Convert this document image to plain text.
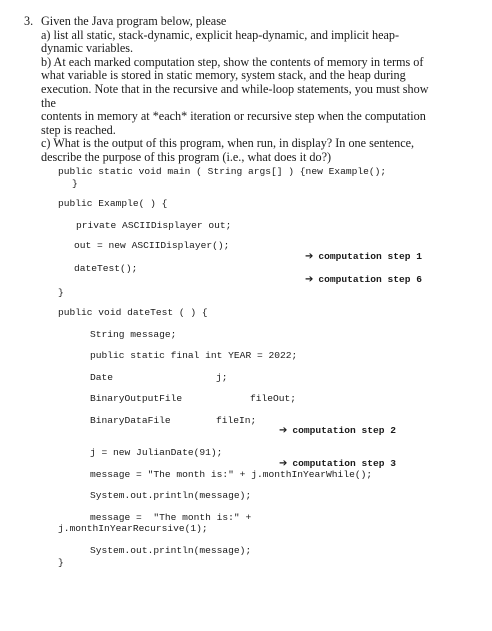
3. Given the Java program below, please

a) list all static, stack-dynamic, explicit heap-dynamic, and implicit heap-

dynamic variables.

b) At each marked computation step, show the contents of memory in terms of

what variable is stored in static memory, system stack, and the heap during

execution. Note that in the recursive and while-loop statements, you must show the

contents in memory at *each* iteration or recursive step when the computation

step is reached.

c) What is the output of this program, when run, in display? In one sentence,

describe the purpose of this program (i.e., what does it do?)

public static void main ( String args[] ) {new Example();
}
public Example( ) {
private ASCIIDisplayer out;
out = new ASCIIDisplayer();
dateTest();
}
public void dateTest ( ) {
String message;
public static final int YEAR = 2022;
Date	j;
BinaryOutputFile	fileOut;
BinaryDataFile	fileIn;
j = new JulianDate(91);
message = "The month is:" + j.monthInYearWhile();
System.out.println(message);
message =  "The month is:" +
j.monthInYearRecursive(1);
System.out.println(message);
}
➔ computation step 1
➔ computation step 6
➔ computation step 2
➔ computation step 3
